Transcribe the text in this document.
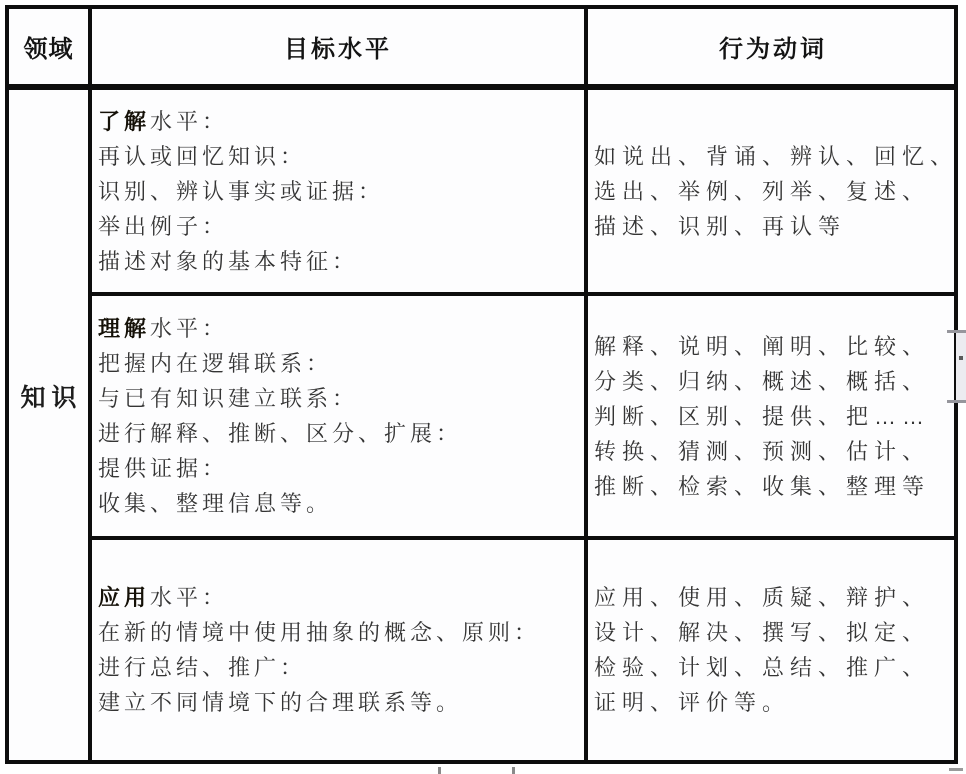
领域	目标水平	行为动词
知识
了解水平：
再认或回忆知识：
识别、辨认事实或证据：
举出例子：
描述对象的基本特征：
如说出、背诵、辨认、回忆、
选出、举例、列举、复述、
描述、识别、再认等
理解水平：
把握内在逻辑联系：
与已有知识建立联系：
进行解释、推断、区分、扩展：
提供证据：
收集、整理信息等。
解释、说明、阐明、比较、
分类、归纳、概述、概括、
判断、区别、提供、把……
转换、猜测、预测、估计、
推断、检索、收集、整理等
应用水平：
在新的情境中使用抽象的概念、原则：
进行总结、推广：
建立不同情境下的合理联系等。
应用、使用、质疑、辩护、
设计、解决、撰写、拟定、
检验、计划、总结、推广、
证明、评价等。
